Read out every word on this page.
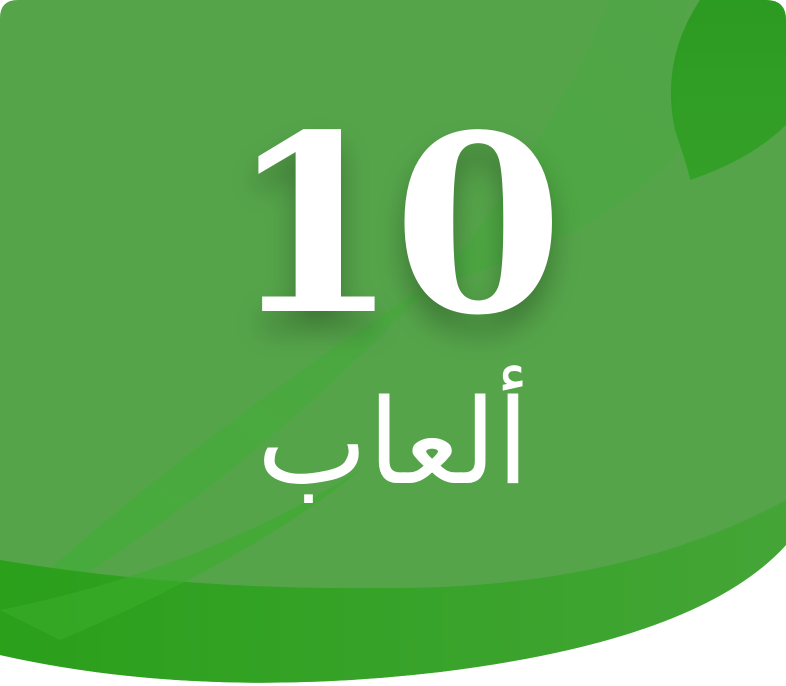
10
ألعاب
